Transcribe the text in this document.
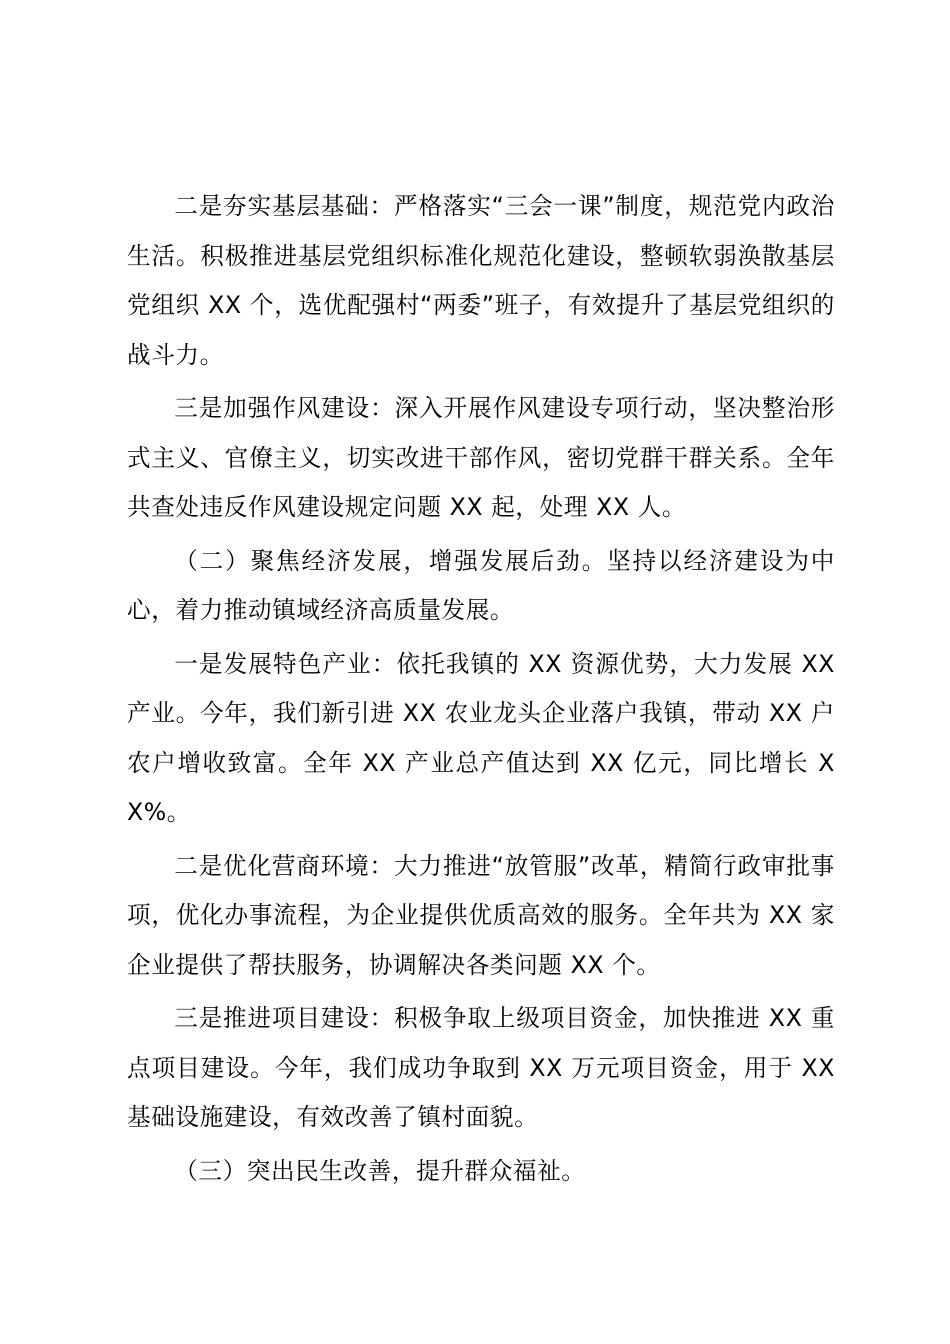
二是夯实基层基础：严格落实“三会一课”制度，规范党内政治生活。积极推进基层党组织标准化规范化建设，整顿软弱涣散基层党组织 XX 个，选优配强村“两委”班子，有效提升了基层党组织的战斗力。

三是加强作风建设：深入开展作风建设专项行动，坚决整治形式主义、官僚主义，切实改进干部作风，密切党群干群关系。全年共查处违反作风建设规定问题 XX 起，处理 XX 人。

（二）聚焦经济发展，增强发展后劲。坚持以经济建设为中心，着力推动镇域经济高质量发展。

一是发展特色产业：依托我镇的 XX 资源优势，大力发展 XX 产业。今年，我们新引进 XX 农业龙头企业落户我镇，带动 XX 户农户增收致富。全年 XX 产业总产值达到 XX 亿元，同比增长 XX%。

二是优化营商环境：大力推进“放管服”改革，精简行政审批事项，优化办事流程，为企业提供优质高效的服务。全年共为 XX 家企业提供了帮扶服务，协调解决各类问题 XX 个。

三是推进项目建设：积极争取上级项目资金，加快推进 XX 重点项目建设。今年，我们成功争取到 XX 万元项目资金，用于 XX 基础设施建设，有效改善了镇村面貌。

（三）突出民生改善，提升群众福祉。
